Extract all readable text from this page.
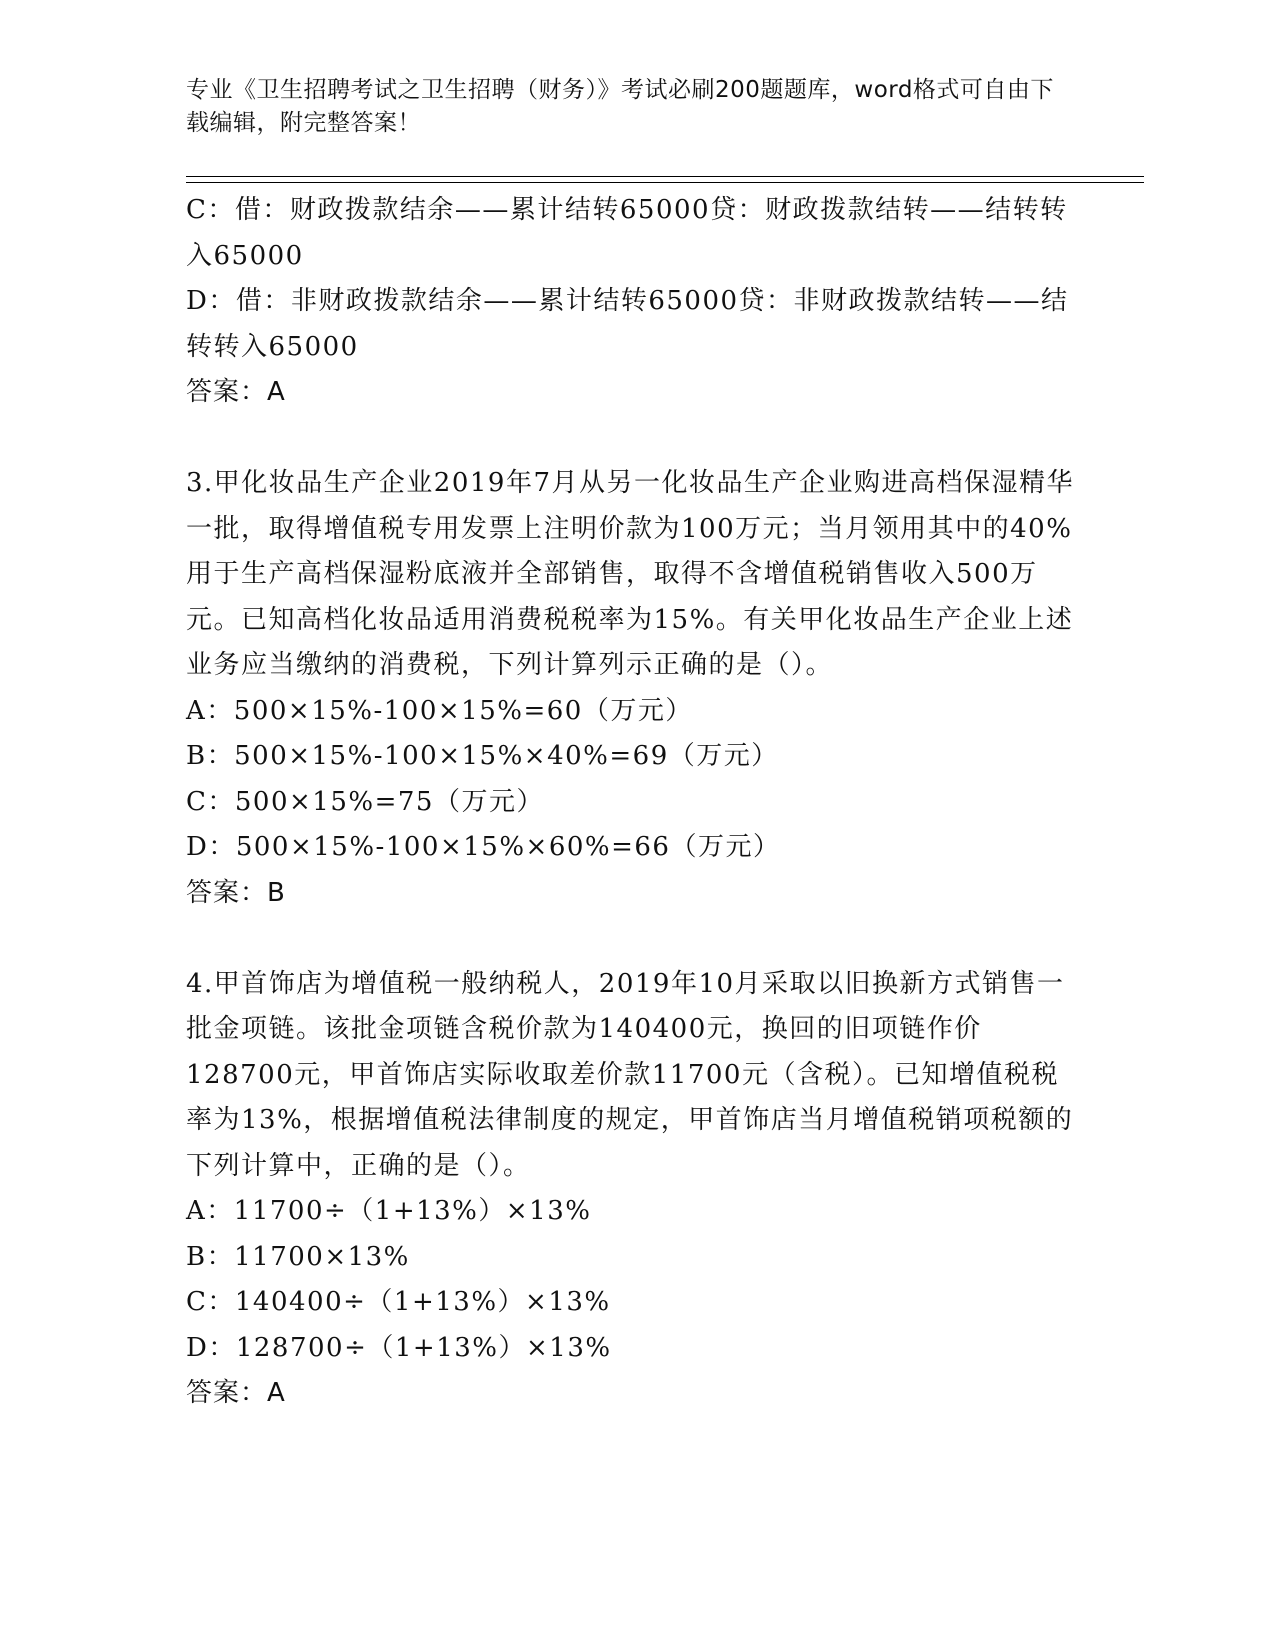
专业《卫生招聘考试之卫生招聘（财务）》考试必刷200题题库，word格式可自由下载编辑，附完整答案！

C：借：财政拨款结余——累计结转65000贷：财政拨款结转——结转转入65000

D：借：非财政拨款结余——累计结转65000贷：非财政拨款结转——结转转入65000

答案：A

3.甲化妆品生产企业2019年7月从另一化妆品生产企业购进高档保湿精华一批，取得增值税专用发票上注明价款为100万元；当月领用其中的40%用于生产高档保湿粉底液并全部销售，取得不含增值税销售收入500万元。已知高档化妆品适用消费税税率为15%。有关甲化妆品生产企业上述业务应当缴纳的消费税，下列计算列示正确的是（）。

A：500×15%-100×15%=60（万元）

B：500×15%-100×15%×40%=69（万元）

C：500×15%=75（万元）

D：500×15%-100×15%×60%=66（万元）

答案：B

4.甲首饰店为增值税一般纳税人，2019年10月采取以旧换新方式销售一批金项链。该批金项链含税价款为140400元，换回的旧项链作价128700元，甲首饰店实际收取差价款11700元（含税）。已知增值税税率为13%，根据增值税法律制度的规定，甲首饰店当月增值税销项税额的下列计算中，正确的是（）。

A：11700÷（1+13%）×13%

B：11700×13%

C：140400÷（1+13%）×13%

D：128700÷（1+13%）×13%

答案：A
